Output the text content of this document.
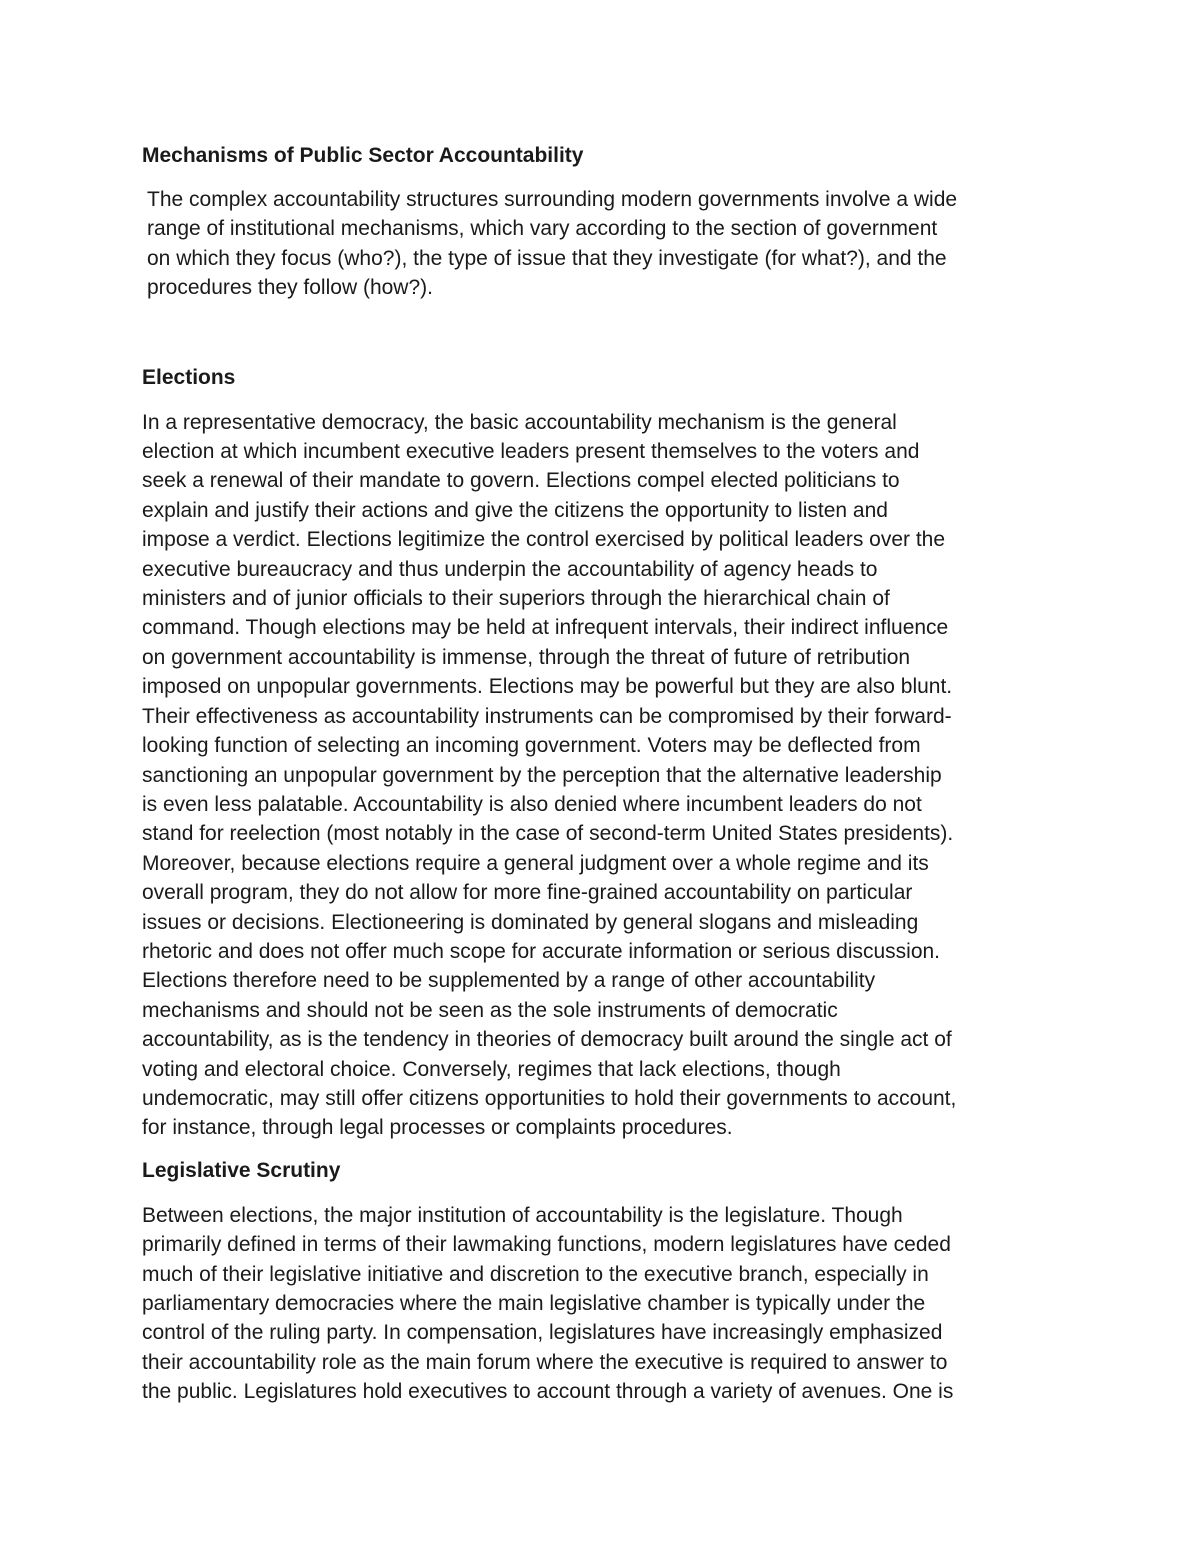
Mechanisms of Public Sector Accountability

The complex accountability structures surrounding modern governments involve a wide
range of institutional mechanisms, which vary according to the section of government
on which they focus (who?), the type of issue that they investigate (for what?), and the
procedures they follow (how?).

Elections

In a representative democracy, the basic accountability mechanism is the general
election at which incumbent executive leaders present themselves to the voters and
seek a renewal of their mandate to govern. Elections compel elected politicians to
explain and justify their actions and give the citizens the opportunity to listen and
impose a verdict. Elections legitimize the control exercised by political leaders over the
executive bureaucracy and thus underpin the accountability of agency heads to
ministers and of junior officials to their superiors through the hierarchical chain of
command. Though elections may be held at infrequent intervals, their indirect influence
on government accountability is immense, through the threat of future of retribution
imposed on unpopular governments. Elections may be powerful but they are also blunt.
Their effectiveness as accountability instruments can be compromised by their forward-
looking function of selecting an incoming government. Voters may be deflected from
sanctioning an unpopular government by the perception that the alternative leadership
is even less palatable. Accountability is also denied where incumbent leaders do not
stand for reelection (most notably in the case of second-term United States presidents).
Moreover, because elections require a general judgment over a whole regime and its
overall program, they do not allow for more fine-grained accountability on particular
issues or decisions. Electioneering is dominated by general slogans and misleading
rhetoric and does not offer much scope for accurate information or serious discussion.
Elections therefore need to be supplemented by a range of other accountability
mechanisms and should not be seen as the sole instruments of democratic
accountability, as is the tendency in theories of democracy built around the single act of
voting and electoral choice. Conversely, regimes that lack elections, though
undemocratic, may still offer citizens opportunities to hold their governments to account,
for instance, through legal processes or complaints procedures.

Legislative Scrutiny

Between elections, the major institution of accountability is the legislature. Though
primarily defined in terms of their lawmaking functions, modern legislatures have ceded
much of their legislative initiative and discretion to the executive branch, especially in
parliamentary democracies where the main legislative chamber is typically under the
control of the ruling party. In compensation, legislatures have increasingly emphasized
their accountability role as the main forum where the executive is required to answer to
the public. Legislatures hold executives to account through a variety of avenues. One is
